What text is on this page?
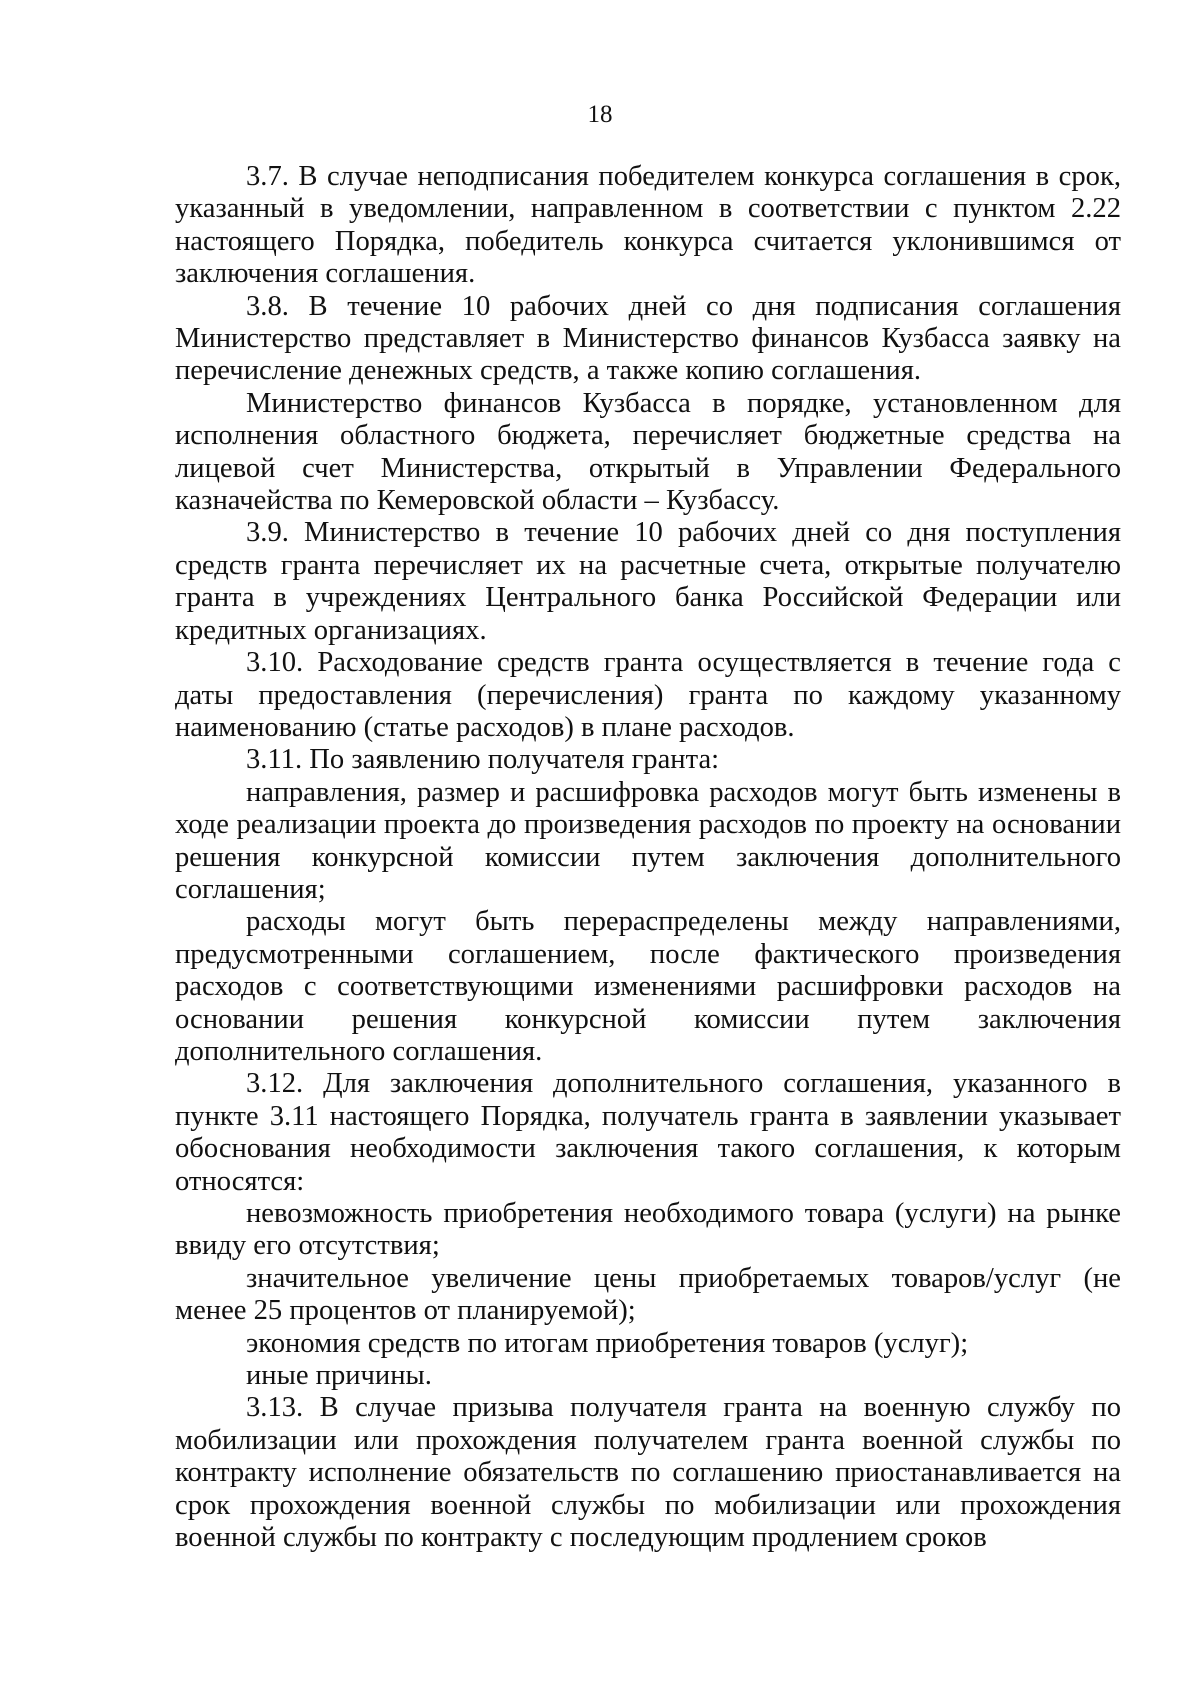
18

3.7. В случае неподписания победителем конкурса соглашения в срок, указанный в уведомлении, направленном в соответствии с пунктом 2.22 настоящего Порядка, победитель конкурса считается уклонившимся от заключения соглашения.

3.8. В течение 10 рабочих дней со дня подписания соглашения Министерство представляет в Министерство финансов Кузбасса заявку на перечисление денежных средств, а также копию соглашения.

Министерство финансов Кузбасса в порядке, установленном для исполнения областного бюджета, перечисляет бюджетные средства на лицевой счет Министерства, открытый в Управлении Федерального казначейства по Кемеровской области – Кузбассу.

3.9. Министерство в течение 10 рабочих дней со дня поступления средств гранта перечисляет их на расчетные счета, открытые получателю гранта в учреждениях Центрального банка Российской Федерации или кредитных организациях.

3.10. Расходование средств гранта осуществляется в течение года с даты предоставления (перечисления) гранта по каждому указанному наименованию (статье расходов) в плане расходов.

3.11. По заявлению получателя гранта:

направления, размер и расшифровка расходов могут быть изменены в ходе реализации проекта до произведения расходов по проекту на основании решения конкурсной комиссии путем заключения дополнительного соглашения;

расходы могут быть перераспределены между направлениями, предусмотренными соглашением, после фактического произведения расходов с соответствующими изменениями расшифровки расходов на основании решения конкурсной комиссии путем заключения дополнительного соглашения.

3.12. Для заключения дополнительного соглашения, указанного в пункте 3.11 настоящего Порядка, получатель гранта в заявлении указывает обоснования необходимости заключения такого соглашения, к которым относятся:

невозможность приобретения необходимого товара (услуги) на рынке ввиду его отсутствия;

значительное увеличение цены приобретаемых товаров/услуг (не менее 25 процентов от планируемой);

экономия средств по итогам приобретения товаров (услуг);

иные причины.

3.13. В случае призыва получателя гранта на военную службу по мобилизации или прохождения получателем гранта военной службы по контракту исполнение обязательств по соглашению приостанавливается на срок прохождения военной службы по мобилизации или прохождения военной службы по контракту с последующим продлением сроков
